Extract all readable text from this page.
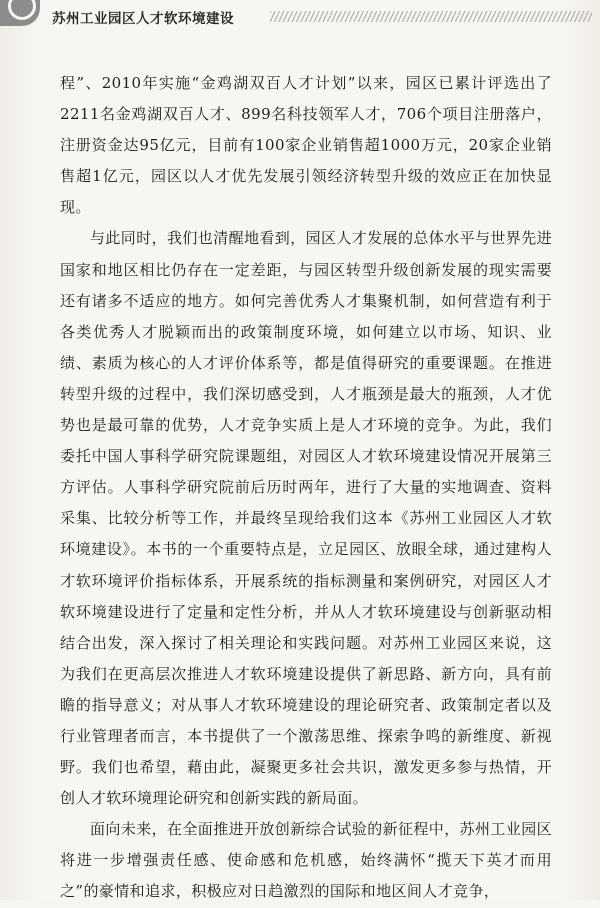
苏州工业园区人才软环境建设

程”、2010年实施“金鸡湖双百人才计划”以来，园区已累计评选出了2211名金鸡湖双百人才、899名科技领军人才，706个项目注册落户，注册资金达95亿元，目前有100家企业销售超1000万元，20家企业销售超1亿元，园区以人才优先发展引领经济转型升级的效应正在加快显现。

与此同时，我们也清醒地看到，园区人才发展的总体水平与世界先进国家和地区相比仍存在一定差距，与园区转型升级创新发展的现实需要还有诸多不适应的地方。如何完善优秀人才集聚机制，如何营造有利于各类优秀人才脱颖而出的政策制度环境，如何建立以市场、知识、业绩、素质为核心的人才评价体系等，都是值得研究的重要课题。在推进转型升级的过程中，我们深切感受到，人才瓶颈是最大的瓶颈，人才优势也是最可靠的优势，人才竞争实质上是人才环境的竞争。为此，我们委托中国人事科学研究院课题组，对园区人才软环境建设情况开展第三方评估。人事科学研究院前后历时两年，进行了大量的实地调查、资料采集、比较分析等工作，并最终呈现给我们这本《苏州工业园区人才软环境建设》。本书的一个重要特点是，立足园区、放眼全球，通过建构人才软环境评价指标体系，开展系统的指标测量和案例研究，对园区人才软环境建设进行了定量和定性分析，并从人才软环境建设与创新驱动相结合出发，深入探讨了相关理论和实践问题。对苏州工业园区来说，这为我们在更高层次推进人才软环境建设提供了新思路、新方向，具有前瞻的指导意义；对从事人才软环境建设的理论研究者、政策制定者以及行业管理者而言，本书提供了一个激荡思维、探索争鸣的新维度、新视野。我们也希望，藉由此，凝聚更多社会共识，激发更多参与热情，开创人才软环境理论研究和创新实践的新局面。

面向未来，在全面推进开放创新综合试验的新征程中，苏州工业园区将进一步增强责任感、使命感和危机感，始终满怀“揽天下英才而用之”的豪情和追求，积极应对日趋激烈的国际和地区间人才竞争，
